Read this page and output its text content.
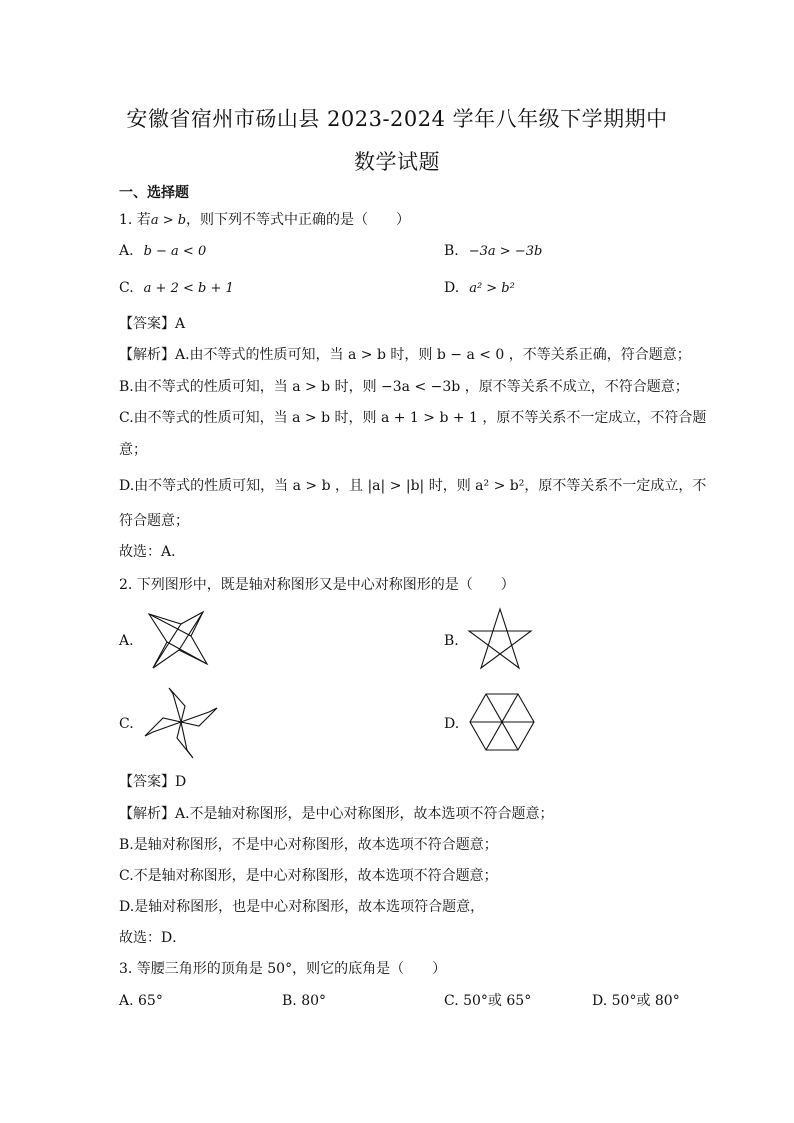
安徽省宿州市砀山县 2023-2024 学年八年级下学期期中
数学试题
一、选择题
1. 若a > b，则下列不等式中正确的是（　　）
A. b − a < 0	B. −3a > −3b
C. a + 2 < b + 1	D. a² > b²
【答案】A
【解析】A.由不等式的性质可知，当 a > b 时，则 b − a < 0 ，不等关系正确，符合题意；
B.由不等式的性质可知，当 a > b 时，则 −3a < −3b ，原不等关系不成立，不符合题意；
C.由不等式的性质可知，当 a > b 时，则 a + 1 > b + 1 ，原不等关系不一定成立，不符合题
意；
D.由不等式的性质可知，当 a > b ，且 |a| > |b| 时，则 a² > b²，原不等关系不一定成立，不
符合题意；
故选：A．
2. 下列图形中，既是轴对称图形又是中心对称图形的是（　　）
A.	B.
C.	D.
【答案】D
【解析】A.不是轴对称图形，是中心对称图形，故本选项不符合题意；
B.是轴对称图形，不是中心对称图形，故本选项不符合题意；
C.不是轴对称图形，是中心对称图形，故本选项不符合题意；
D.是轴对称图形，也是中心对称图形，故本选项符合题意，
故选：D．
3. 等腰三角形的顶角是 50°，则它的底角是（　　）
A. 65°	B. 80°	C. 50°或 65°	D. 50°或 80°
